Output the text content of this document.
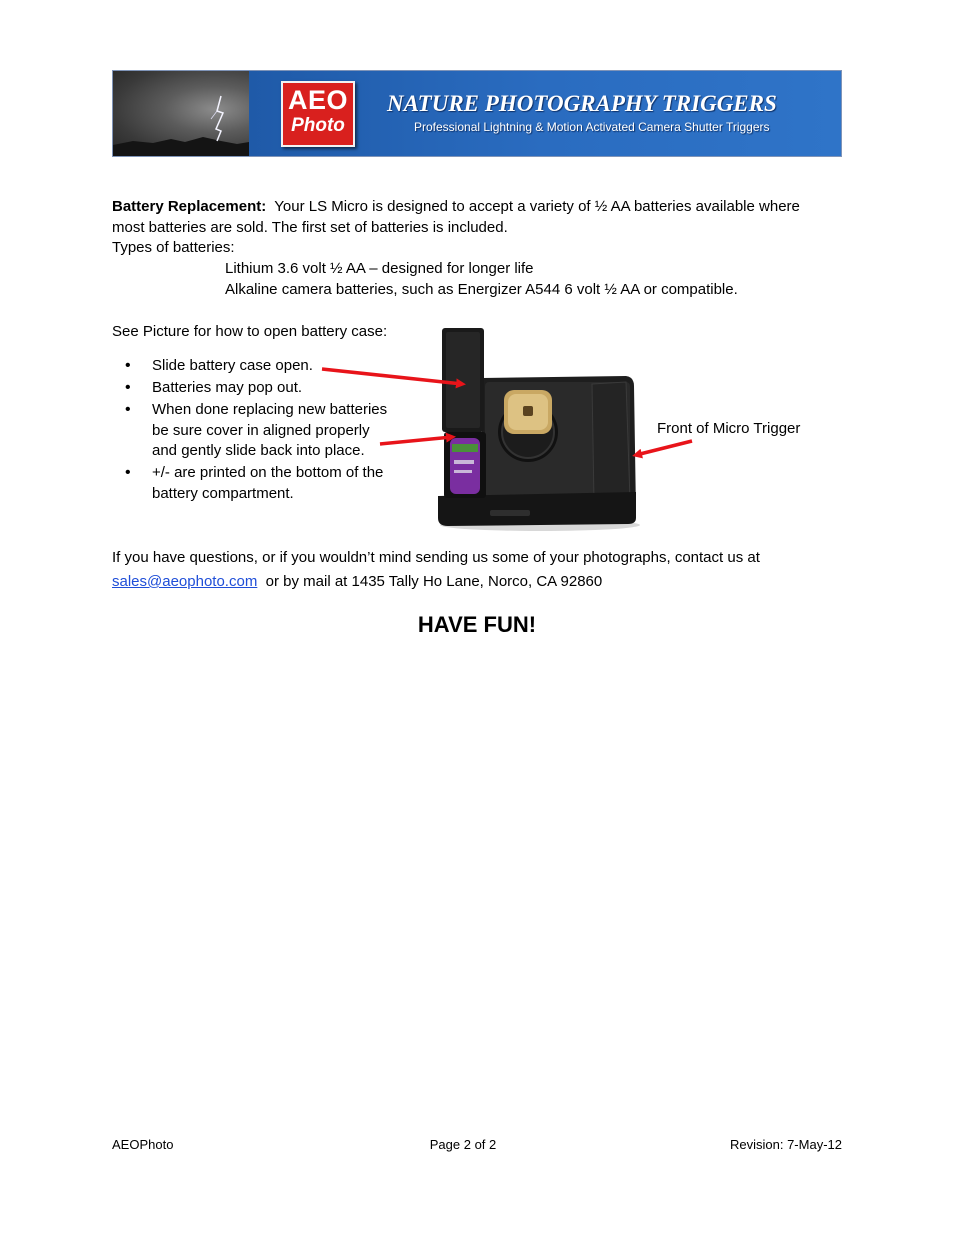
AEO
Photo
NATURE PHOTOGRAPHY TRIGGERS
Professional Lightning & Motion Activated Camera Shutter Triggers
Battery Replacement: Your LS Micro is designed to accept a variety of ½ AA batteries available where
most batteries are sold. The first set of batteries is included.
Types of batteries:
Lithium 3.6 volt ½ AA – designed for longer life
Alkaline camera batteries, such as Energizer A544 6 volt ½ AA or compatible.
See Picture for how to open battery case:
• Slide battery case open.
• Batteries may pop out.
• When done replacing new batteries
be sure cover in aligned properly
and gently slide back into place.
• +/- are printed on the bottom of the
battery compartment.
Front of Micro Trigger
If you have questions, or if you wouldn’t mind sending us some of your photographs, contact us at
sales@aeophoto.com  or by mail at 1435 Tally Ho Lane, Norco, CA 92860
HAVE FUN!
AEOPhoto	Page 2 of 2	Revision: 7-May-12
